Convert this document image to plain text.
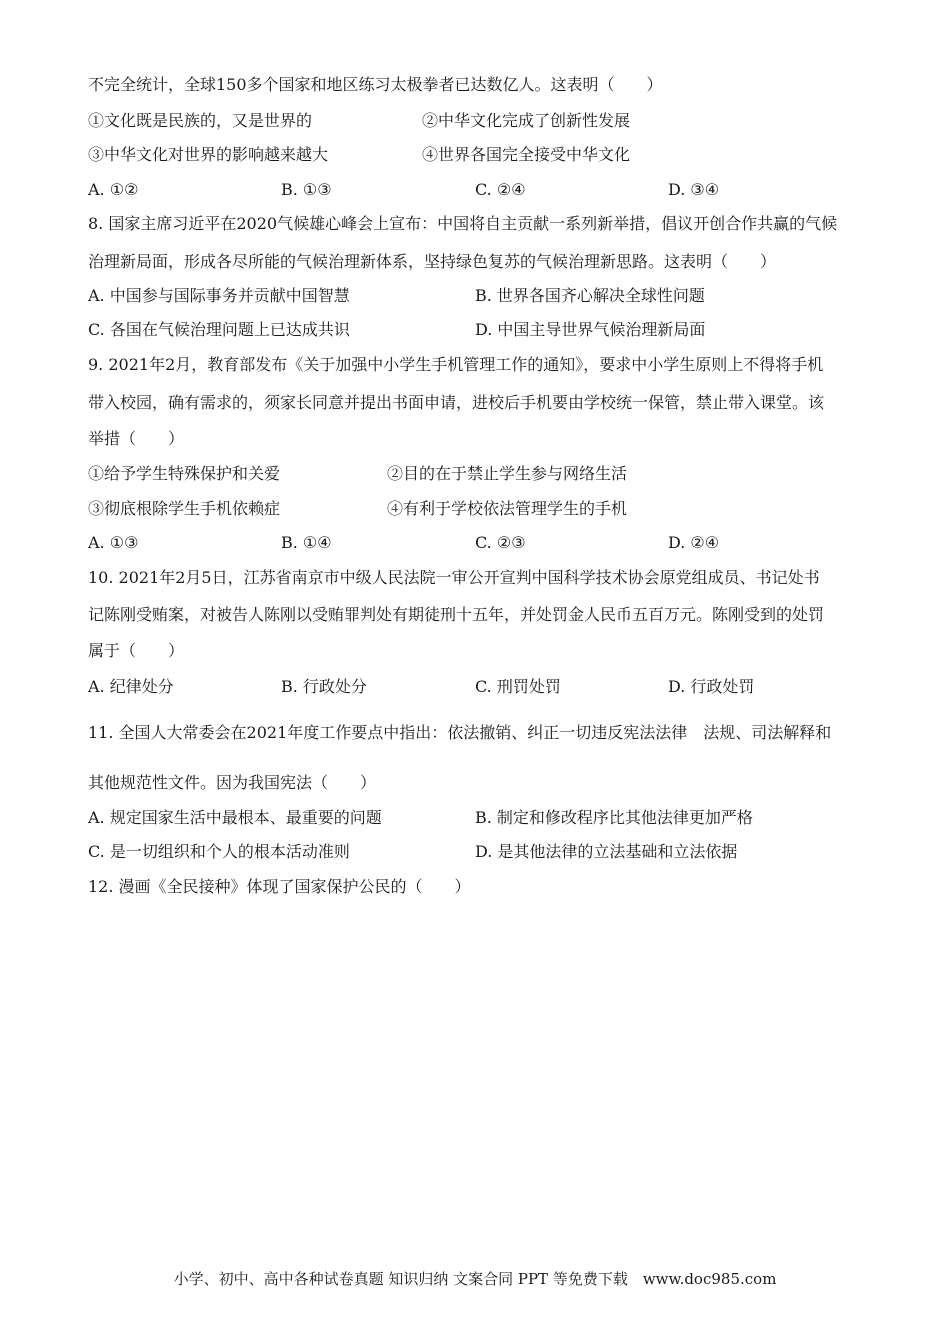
不完全统计，全球150多个国家和地区练习太极拳者已达数亿人。这表明（　　）
①文化既是民族的，又是世界的	②中华文化完成了创新性发展
③中华文化对世界的影响越来越大	④世界各国完全接受中华文化
A. ①②	B. ①③	C. ②④	D. ③④
8. 国家主席习近平在2020气候雄心峰会上宣布：中国将自主贡献一系列新举措，倡议开创合作共赢的气候
治理新局面，形成各尽所能的气候治理新体系，坚持绿色复苏的气候治理新思路。这表明（　　）
A. 中国参与国际事务并贡献中国智慧	B. 世界各国齐心解决全球性问题
C. 各国在气候治理问题上已达成共识	D. 中国主导世界气候治理新局面
9. 2021年2月，教育部发布《关于加强中小学生手机管理工作的通知》，要求中小学生原则上不得将手机
带入校园，确有需求的，须家长同意并提出书面申请，进校后手机要由学校统一保管，禁止带入课堂。该
举措（　　）
①给予学生特殊保护和关爱	②目的在于禁止学生参与网络生活
③彻底根除学生手机依赖症	④有利于学校依法管理学生的手机
A. ①③	B. ①④	C. ②③	D. ②④
10. 2021年2月5日，江苏省南京市中级人民法院一审公开宣判中国科学技术协会原党组成员、书记处书
记陈刚受贿案，对被告人陈刚以受贿罪判处有期徒刑十五年，并处罚金人民币五百万元。陈刚受到的处罚
属于（　　）
A. 纪律处分	B. 行政处分	C. 刑罚处罚	D. 行政处罚
11. 全国人大常委会在2021年度工作要点中指出：依法撤销、纠正一切违反宪法法律　法规、司法解释和
其他规范性文件。因为我国宪法（　　）
A. 规定国家生活中最根本、最重要的问题	B. 制定和修改程序比其他法律更加严格
C. 是一切组织和个人的根本活动准则	D. 是其他法律的立法基础和立法依据
12. 漫画《全民接种》体现了国家保护公民的（　　）
小学、初中、高中各种试卷真题 知识归纳 文案合同 PPT 等免费下载　www.doc985.com
